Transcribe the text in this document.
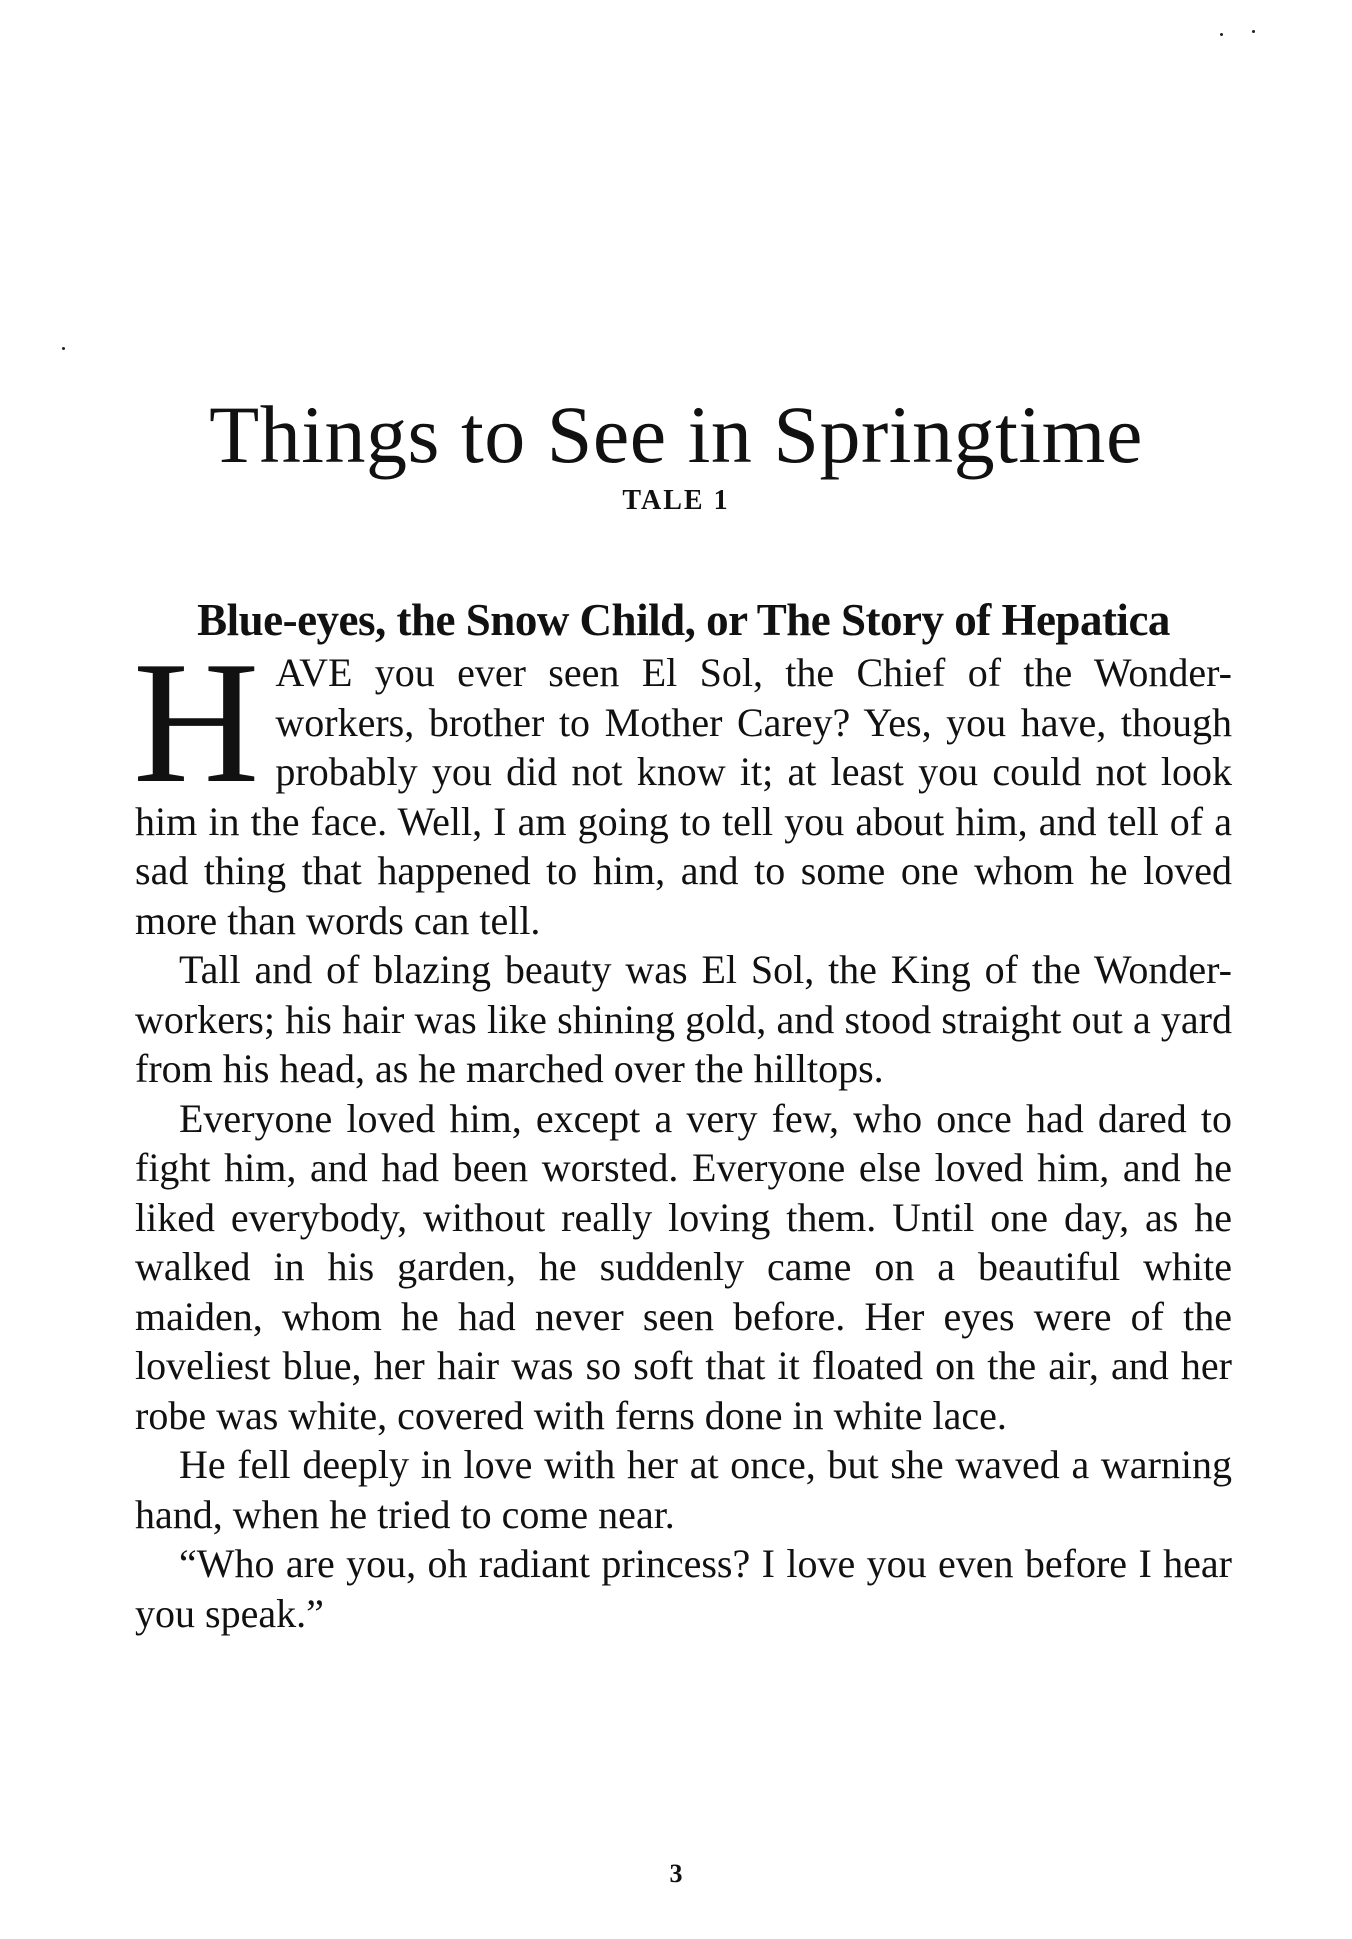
Things to See in Springtime
TALE 1
Blue-eyes, the Snow Child, or The Story of Hepatica

HAVE you ever seen El Sol, the Chief of the Wonder-workers, brother to Mother Carey? Yes, you have, though probably you did not know it; at least you could not look him in the face. Well, I am going to tell you about him, and tell of a sad thing that happened to him, and to some one whom he loved more than words can tell.

Tall and of blazing beauty was El Sol, the King of the Wonder-workers; his hair was like shining gold, and stood straight out a yard from his head, as he marched over the hilltops.

Everyone loved him, except a very few, who once had dared to fight him, and had been worsted. Everyone else loved him, and he liked everybody, without really loving them. Until one day, as he walked in his garden, he suddenly came on a beautiful white maiden, whom he had never seen before. Her eyes were of the loveliest blue, her hair was so soft that it floated on the air, and her robe was white, covered with ferns done in white lace.

He fell deeply in love with her at once, but she waved a warning hand, when he tried to come near.

“Who are you, oh radiant princess? I love you even before I hear you speak.”

3
